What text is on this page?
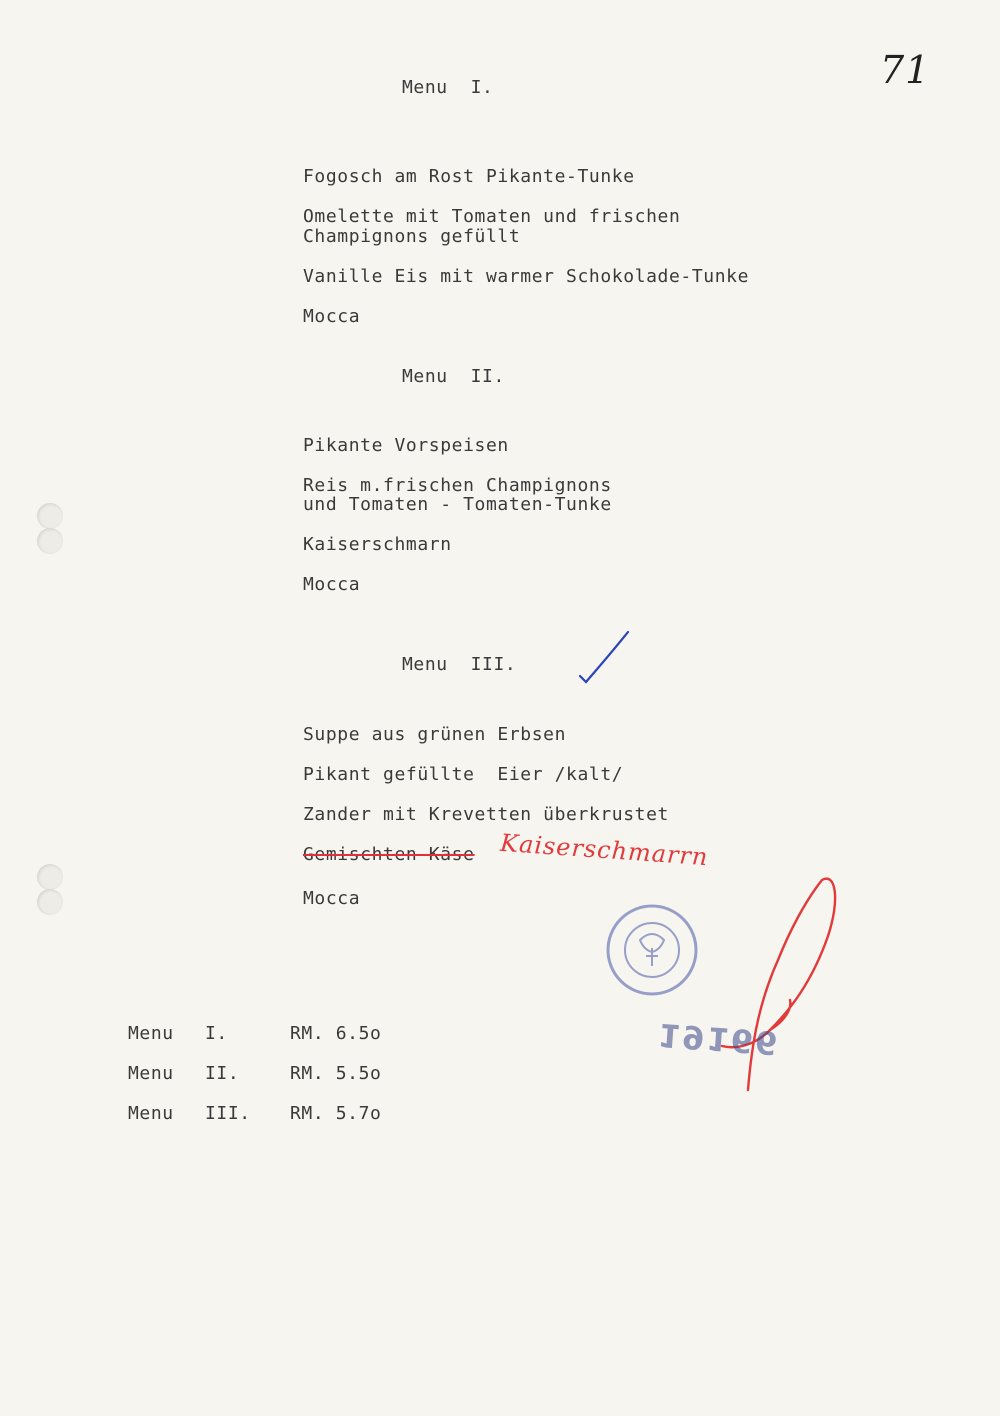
71
Menu  I.
Fogosch am Rost Pikante-Tunke
Omelette mit Tomaten und frischen
Champignons gefüllt
Vanille Eis mit warmer Schokolade-Tunke
Mocca
Menu  II.
Pikante Vorspeisen
Reis m.frischen Champignons
und Tomaten - Tomaten-Tunke
Kaiserschmarn
Mocca
Menu  III.
Suppe aus grünen Erbsen
Pikant gefüllte  Eier /kalt/
Zander mit Krevetten überkrustet
Gemischten Käse Kaiserschmarrn
Mocca
Menu I.	RM. 6.5o
Menu II.	RM. 5.5o
Menu III. RM. 5.7o
19166
